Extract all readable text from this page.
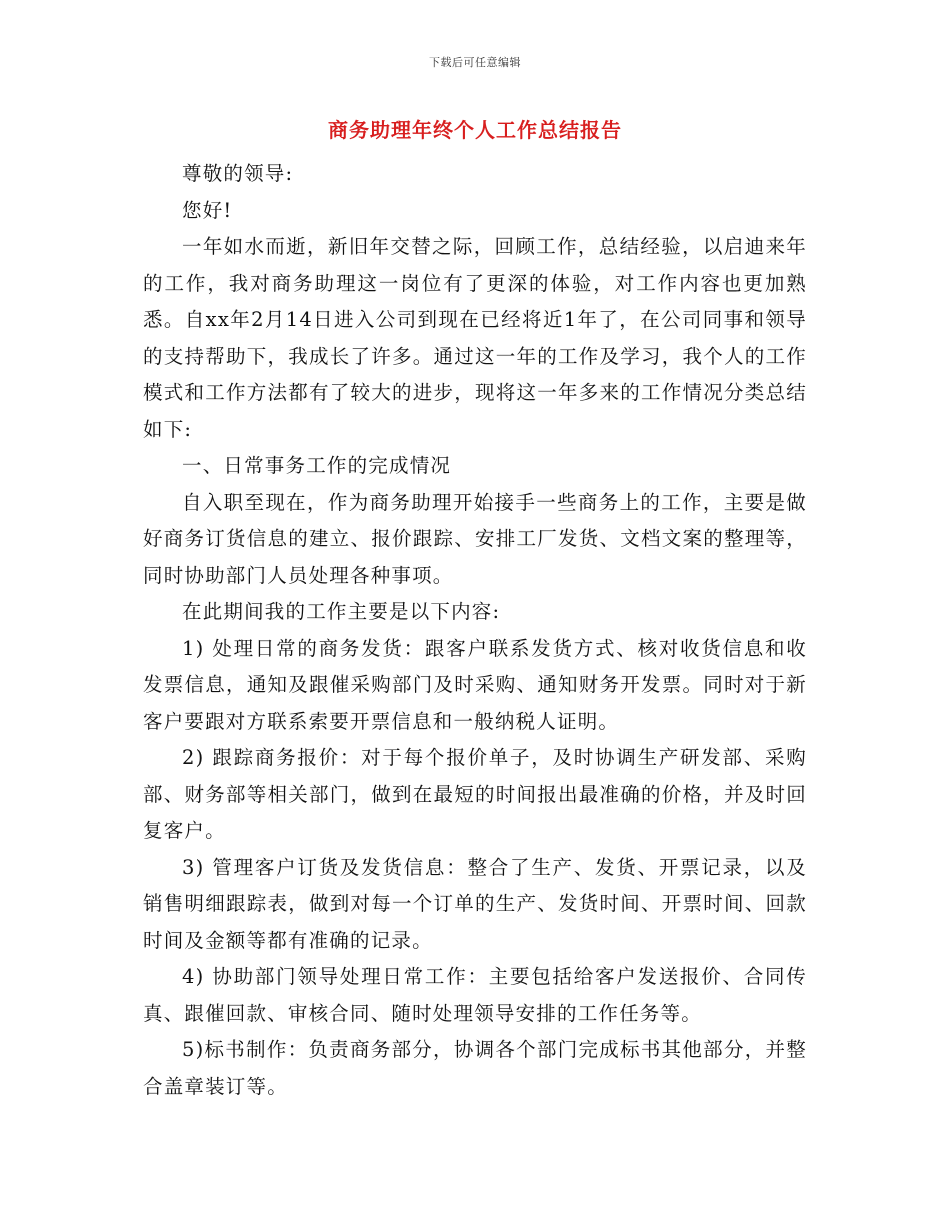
下载后可任意编辑
商务助理年终个人工作总结报告

尊敬的领导:

您好!

一年如水而逝，新旧年交替之际，回顾工作，总结经验，以启迪来年的工作，我对商务助理这一岗位有了更深的体验，对工作内容也更加熟悉。自xx年2月14日进入公司到现在已经将近1年了，在公司同事和领导的支持帮助下，我成长了许多。通过这一年的工作及学习，我个人的工作模式和工作方法都有了较大的进步，现将这一年多来的工作情况分类总结如下:

一、日常事务工作的完成情况

自入职至现在，作为商务助理开始接手一些商务上的工作，主要是做好商务订货信息的建立、报价跟踪、安排工厂发货、文档文案的整理等，同时协助部门人员处理各种事项。

在此期间我的工作主要是以下内容:

1) 处理日常的商务发货：跟客户联系发货方式、核对收货信息和收发票信息，通知及跟催采购部门及时采购、通知财务开发票。同时对于新客户要跟对方联系索要开票信息和一般纳税人证明。

2) 跟踪商务报价：对于每个报价单子，及时协调生产研发部、采购部、财务部等相关部门，做到在最短的时间报出最准确的价格，并及时回复客户。

3) 管理客户订货及发货信息：整合了生产、发货、开票记录，以及销售明细跟踪表，做到对每一个订单的生产、发货时间、开票时间、回款时间及金额等都有准确的记录。

4) 协助部门领导处理日常工作：主要包括给客户发送报价、合同传真、跟催回款、审核合同、随时处理领导安排的工作任务等。

5)标书制作：负责商务部分，协调各个部门完成标书其他部分，并整合盖章装订等。
